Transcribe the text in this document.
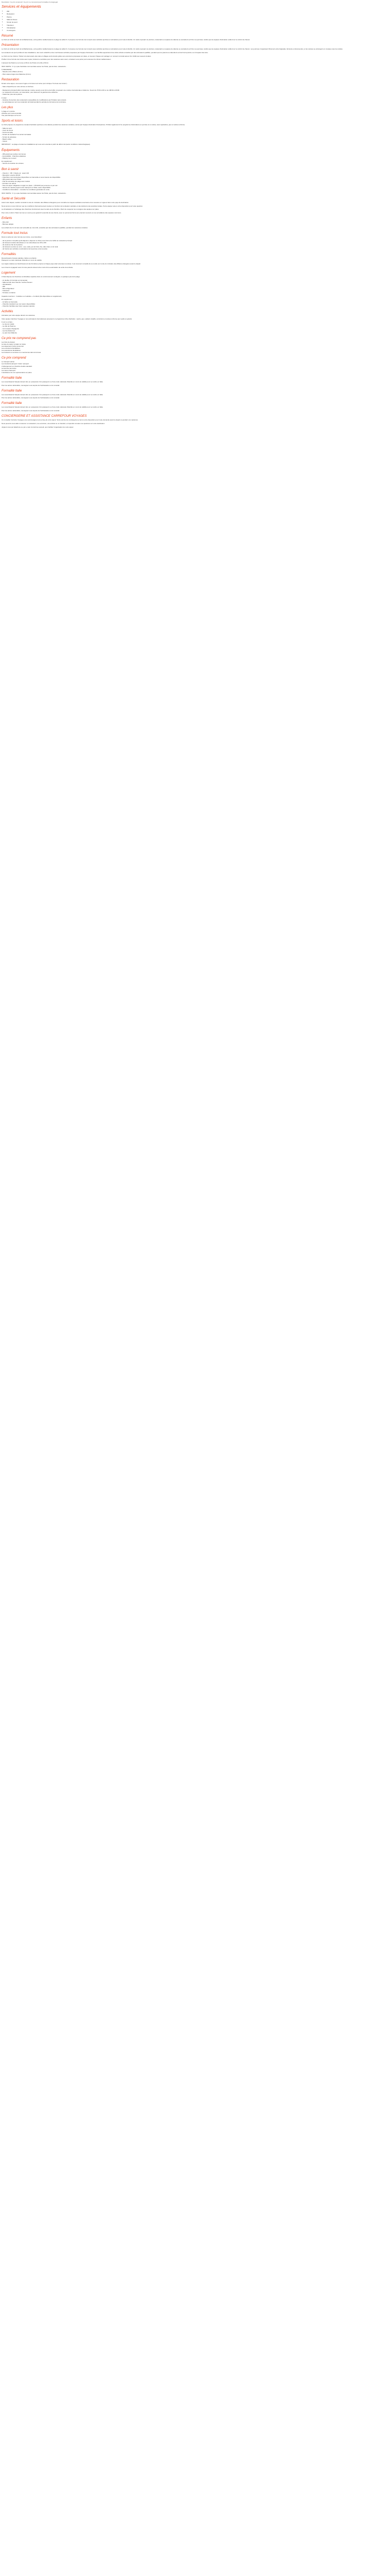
Description: Ce prix comprend / Ce prix ne comprend pas Formalites Consignegat

Services et équipements
• Wifi
• Restaurant
• Piscine
• Salle de fitness
• Terrain de sport
• Télévision
• Climatisation
• Conciergerie
Résumé

Le Club est niché au bord de la Méditerranée, entre jardins méditerranéens et plage de sable fin. Il propose une formule tout compris avec activités sportives et animations pour toute la famille. Un cadre reposant où piscines, restaurants et espaces de détente se succèdent au fil de vos journées, tandis que les équipes d'animation veillent sur le confort de chacun.

Présentation

Le Club est niché au bord de la Méditerranée, entre jardins méditerranéens et plage de sable fin. Il propose une formule tout compris avec activités sportives et animations pour toute la famille. Un cadre reposant où piscines, restaurants et espaces de détente se succèdent au fil de vos journées, tandis que les équipes d'animation veillent sur le confort de chacun. Les journées s'organisent librement entre baignade, farniente et découvertes, et les soirées se prolongent en musique sous les étoiles.

Les amateurs de sport profiteront des installations, des cours collectifs et des nombreuses activités proposées par l'équipe d'animation. Les familles apprécieront les clubs enfants encadrés par des animateurs qualifiés, pendant que les parents se détendent au bord de la piscine ou à l'espace bien-être.

Le Club comme Culture ! Partez à la découverte des sites et villages environnants grâce aux excursions proposées sur place, et revenez chaque soir partager un moment convivial autour d'un buffet aux saveurs locales.

Profitez d'une formule tout inclus avec repas, boissons et activités pour des vacances sans souci, et laissez-vous porter par la douceur du climat méditerranéen.

L'aéroport de Palerme se trouve à 96 km de l'hôtel et la ville à 60 km.

INFO VENTE : Il n'y a pas d'activités commerciales autour de l'hôtel, pas de bars, restaurants...

À PROXIMITÉ :
- Navette entre Villaret (14 km)
- Plein naturel région des Madonie (44 km)

Restauration

Durant votre séjour, vous serez logés en formule tout inclus (voir rubrique "Formule tout inclus").

- Salon d'apéritif pour votre arrivée et d'arrivée.

- Restaurant principal buffet international, cuisine ouverte sous forme de buffet, proposant une cuisine internationale et italienne. Ouvert de 7h30 à 10h et de 19h30 à 21h30.
- Le restaurant à la carte, sur réservation, pour découvrir la gastronomie sicilienne.
- Snack bar près de la piscine.

À noter :
- Horaires d'ouverture des restaurants susceptibles de modifications par l'hôtelier sans préavis.
- Le petit-déjeuner servi au restaurant principal pendant la période de fermeture de la terrasse.

Les plus

1 plage et 1 piscine
Activités pour toute la famille
Vue panoramique sur la mer

Sports et loisirs

Le Club propose un programme complet d'activités sportives et de détente pendant les vacances scolaires, animé par l'équipe d'animation francophone. Profitez également d'un programme d'animations en journée et en soirée, avec spectacles, jeux et soirées à thème.

- Salle de sport
- Court de tennis
- Tennis de table
- Terrain de football à 5 et terrain de basket
- Terrain de pétanque
- Beach-volley
- Canoë

IMPORTANT : La plage et toutes les installations qui vous sont ouvertes à partir de début mai (selon conditions météorologiques).

Équipements

- Wifi gratuit aux parties communes
- Accessibilité : chambres adaptées
- Parking non couvert

En supplément :
- Service de location de voitures

Bon à savoir

- Check-in : 15h / Check-out : avant 10h
- Réception ouverte 24h/24
- Chambres communicantes disponibles sur demande et sous réserve de disponibilité.
- Wifi gratuit dans tout l'hôtel
- Prêt de serviettes de plage avec caution
- Animaux non admis
- Taxe de séjour obligatoire à régler sur place : 2,50 EUR par personne et par nuit.
- Service de navette payant entre l'aéroport et l'hôtel, selon disponibilité.
- Conditions d'annulation : consulter les conditions générales de vente.

INFO VENTE : Il n'y a pas d'activités commerciales autour de l'hôtel, pas de bars, restaurants...

Santé et Sécurité

Avant votre départ, veuillez consulter le site du ministère des Affaires étrangères pour connaître les risques sanitaires éventuels et les mesures en vigueur dans votre pays de destination.

Nous tenons à vous informer que les conditions d'accueil peuvent évoluer en fonction de la situation sanitaire et des décisions des autorités locales. Notre équipe reste à votre disposition pour toute question.

La climatisation et l'éclairage des chambres fonctionnent avec la carte de la chambre. Merci de respecter les consignes des équipes sur place.

Pour votre confort, l'hôtel met tout en œuvre pour garantir la sécurité de ses clients, avec un personnel formé aux premiers secours et une surveillance des espaces communs.

Enfants

- Mini-club
- Berceau adapté

Les enfants de 4 à 12 ans sont accueillis au mini-club, encadrés par des animateurs qualifiés, pendant les vacances scolaires.

Formule tout inclus

Dans le cadre de votre formule tout inclus, vous bénéficiez :

- de la pension complète (petit-déjeuner, déjeuner et dîner) sous forme de buffet au restaurant principal
- de boissons locales alcoolisées et non alcoolisées de 10h à 23h
- du snack au bar de la piscine
- de boissons servies au verre : eau, soda, jus de fruits, thé, café, bière et vin local
- de l'accès aux activités et animations de la journée et de la soirée

Formalités

Ressortissants français (adultes, bébés et enfants) :
Passeport ou carte nationale d'identité en cours de validité.

Les règles relatives au franchissement des frontières propres à chaque pays étant amenées à évoluer, il est vivement conseillé de se rendre sur le site du ministère des Affaires étrangères avant le départ.

Les mineurs voyageant sans l'un des parents doivent être munis d'une autorisation de sortie de territoire.

Logement

L'hôtel dispose de chambres confortables réparties dans un environnement verdoyant, à quelques pas de la plage.

- Lit double (1 lit simple sur demande)
- Salle de bain avec douche / sèche-cheveux
- Climatisation
- Wifi
- Mini-réfrigérateur
- Télévision
- Terrasse ou balcon

Capacité maximum : 4 adultes ou 2 adultes + 2 enfants (lits disponibles en supplément).

En supplément :
- Lit bébé sur demande
- Chambre standard vue mer (selon disponibilité)
- Chambre familiale avec deux espaces séparés

Activités

Animation par notre équipe durant vos vacances.

Votre équipe Carrefour Voyages et nos animateurs internationaux proposent un programme riche d'activités : sports, jeux, ateliers créatifs, excursions et soirées à thème pour petits et grands.

À voir ou à faire :
- Le site de Cefalù
- La ville de Palerme
- Les temples d'Agrigente
- Les îles Éoliennes
- Le parc des Madonie

Ce prix ne comprend pas

Les frais de dossier
La taxe de séjour à régler sur place
Les dépenses d'ordre personnel
Les excursions facultatives
Les assurances facultatives
Les boissons et services non mentionnés dans la formule

Ce prix comprend

Le transport aérien
Les transferts aéroport / hôtel / aéroport
L'hébergement en chambre double standard
La formule tout inclus
Les taxes d'aéroport
L'assistance de nos représentants sur place

Formalité Italie

Les ressortissants français doivent être en possession d'un passeport ou d'une carte nationale d'identité en cours de validité pour se rendre en Italie.

Pour les autres nationalités, renseignez-vous auprès de l'ambassade ou du consulat.

Formalité Italie

Les ressortissants français doivent être en possession d'un passeport ou d'une carte nationale d'identité en cours de validité pour se rendre en Italie.

Pour les autres nationalités, renseignez-vous auprès de l'ambassade ou du consulat.

Formalité Italie

Les ressortissants français doivent être en possession d'un passeport ou d'une carte nationale d'identité en cours de validité pour se rendre en Italie.

Pour les autres nationalités, renseignez-vous auprès de l'ambassade ou du consulat.

CONCIERGERIE ET ASSISTANCE CARREFOUR VOYAGES

Un conseiller Carrefour Voyages vous accompagne tout au long de votre séjour. Notre service de conciergerie se tient à votre disposition pour toute demande avant le départ et pendant vos vacances.

Nous pouvons vous aider à réserver un restaurant, une excursion, une activité ou un transfert, et répondre à toutes vos questions sur votre destination.

Joignez-nous par téléphone ou par e-mail, du lundi au samedi, pour faciliter l'organisation de votre séjour.
